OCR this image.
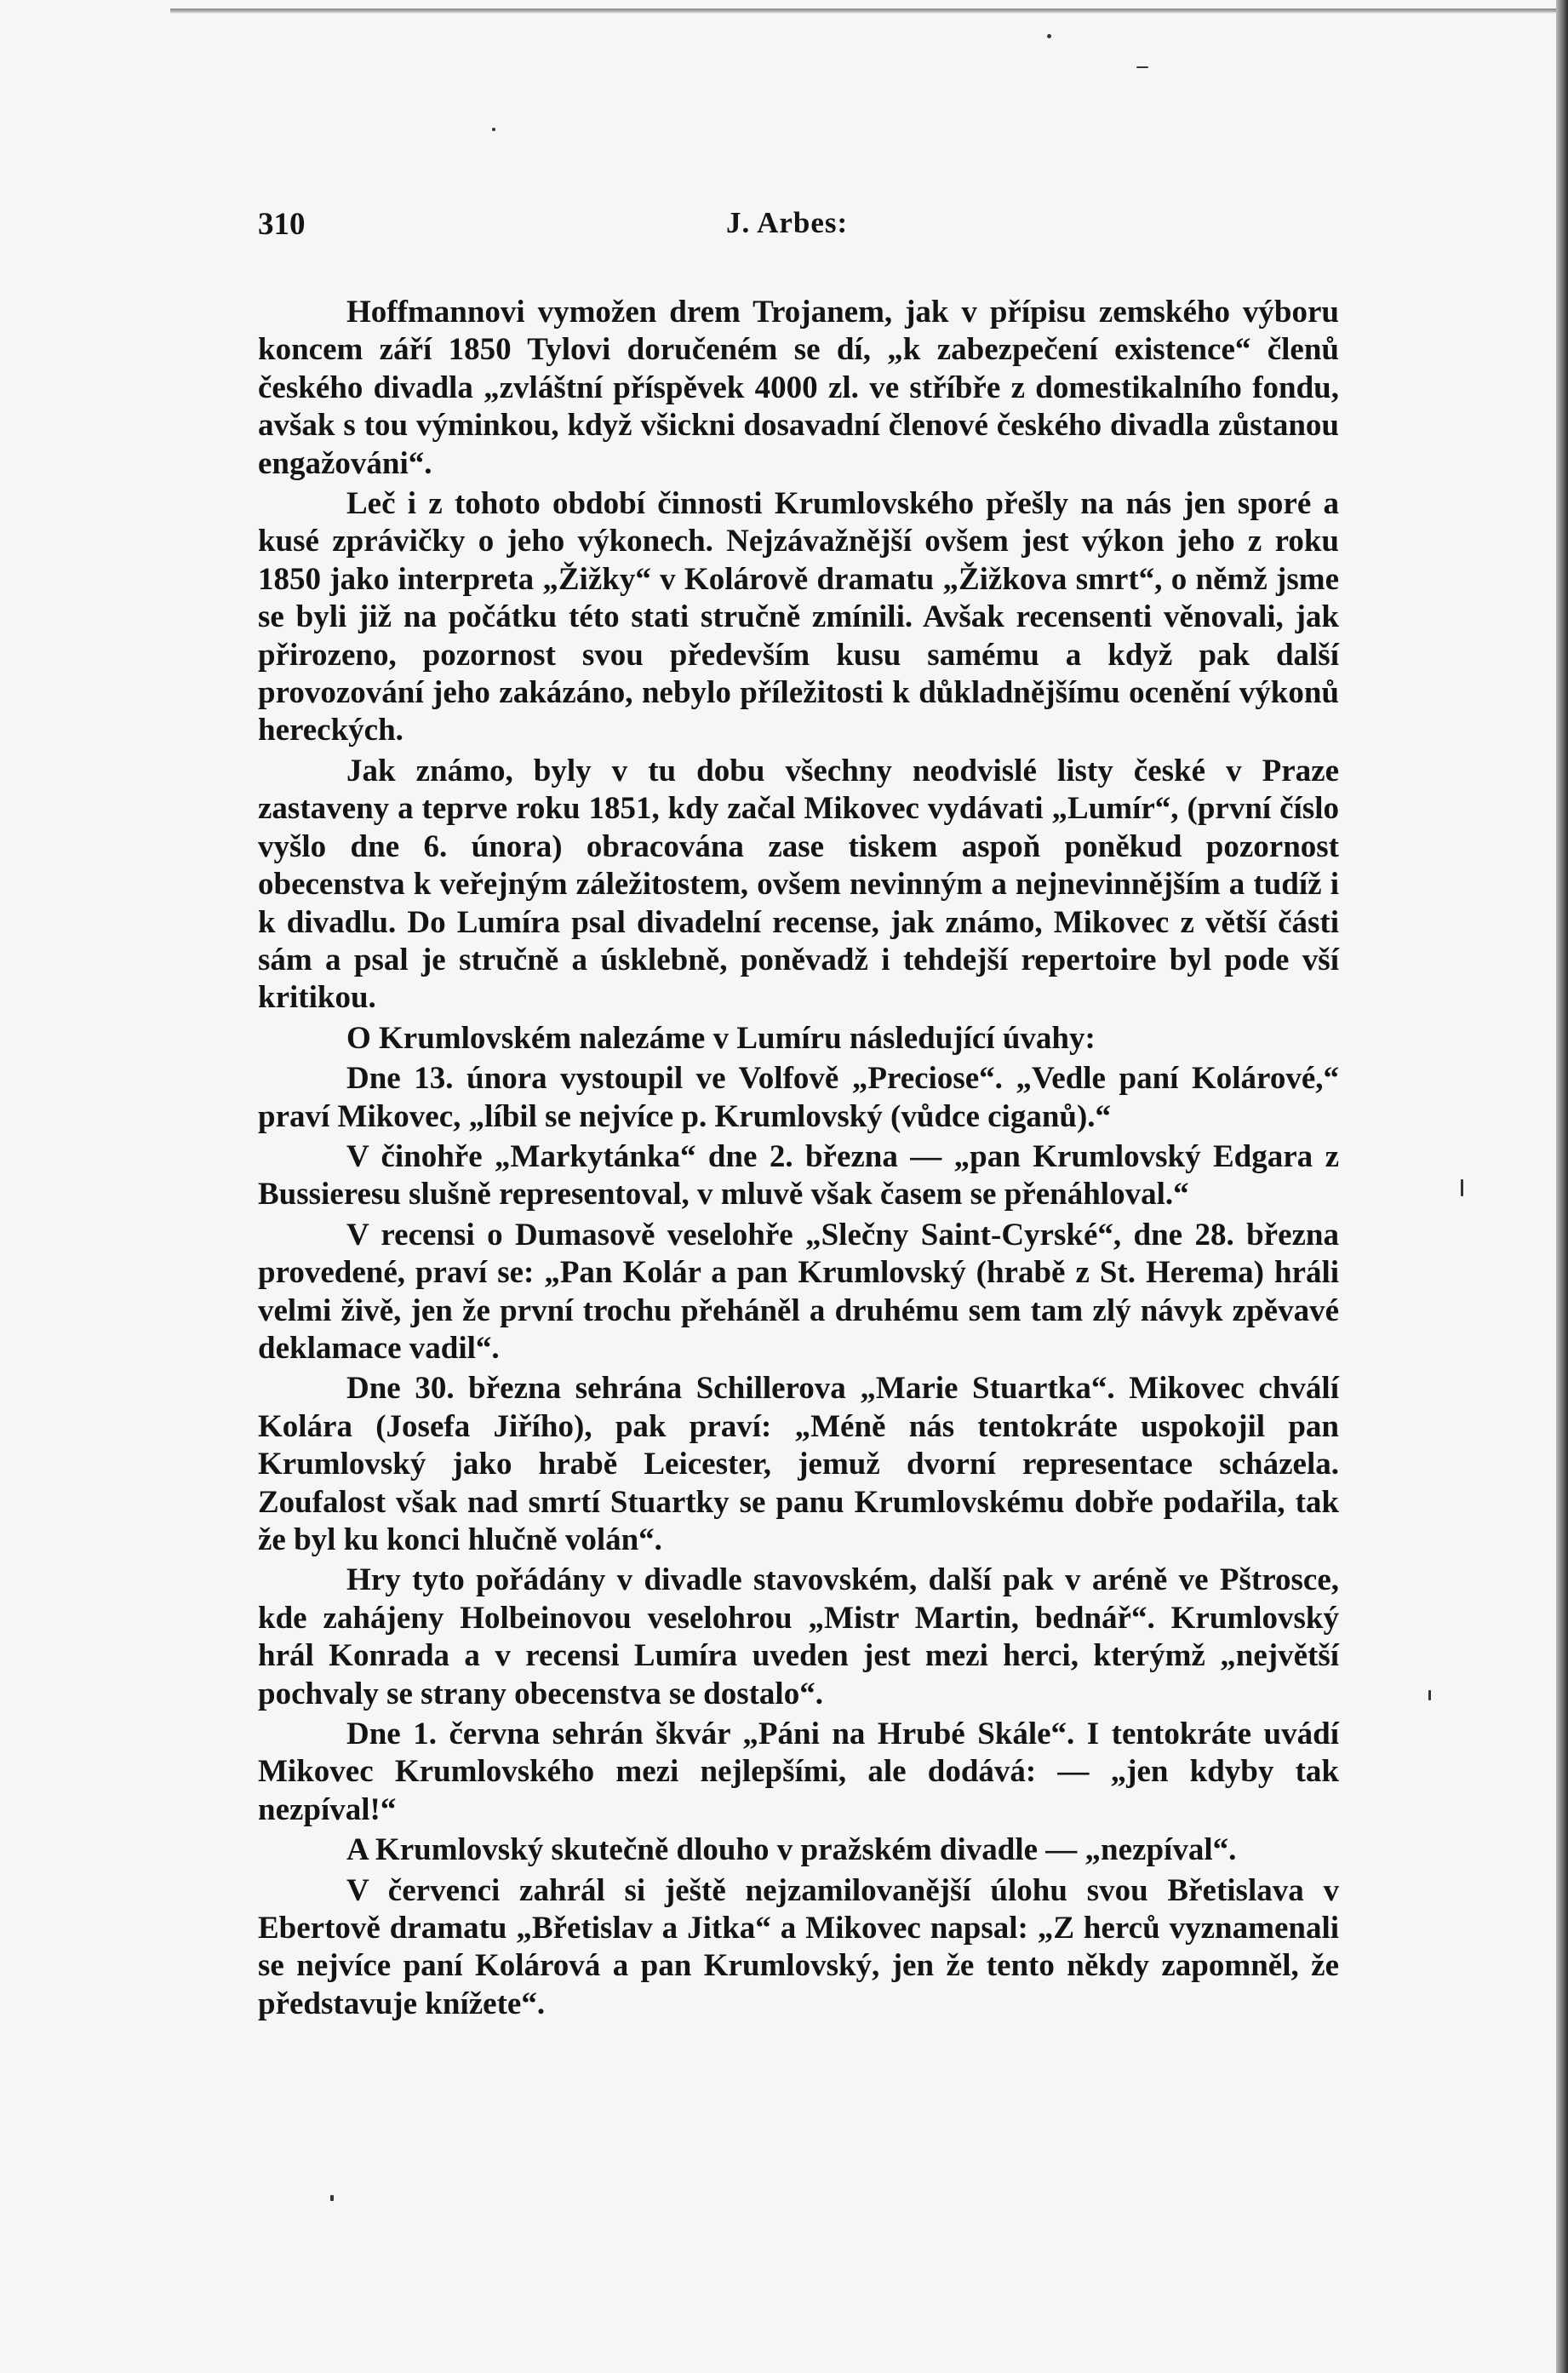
310	J. Arbes:

Hoffmannovi vymožen drem Trojanem, jak v přípisu zemského výboru koncem září 1850 Tylovi doručeném se dí, „k zabezpečení existence“ členů českého divadla „zvláštní příspěvek 4000 zl. ve stříbře z domestikalního fondu, avšak s tou výminkou, když všickni dosavadní členové českého divadla zůstanou engažováni“.

Leč i z tohoto období činnosti Krumlovského přešly na nás jen sporé a kusé zprávičky o jeho výkonech. Nejzávažnější ovšem jest výkon jeho z roku 1850 jako interpreta „Žižky“ v Kolárově dramatu „Žižkova smrt“, o němž jsme se byli již na počátku této stati stručně zmínili. Avšak recensenti věnovali, jak přirozeno, pozornost svou především kusu samému a když pak další provozování jeho zakázáno, nebylo příležitosti k důkladnějšímu ocenění výkonů hereckých.

Jak známo, byly v tu dobu všechny neodvislé listy české v Praze zastaveny a teprve roku 1851, kdy začal Mikovec vydávati „Lumír“, (první číslo vyšlo dne 6. února) obracována zase tiskem aspoň poněkud pozornost obecenstva k veřejným záležitostem, ovšem nevinným a nejnevinnějším a tudíž i k divadlu. Do Lumíra psal divadelní recense, jak známo, Mikovec z větší části sám a psal je stručně a úsklebně, poněvadž i tehdejší repertoire byl pode vší kritikou.

O Krumlovském nalezáme v Lumíru následující úvahy:

Dne 13. února vystoupil ve Volfově „Preciose“. „Vedle paní Kolárové,“ praví Mikovec, „líbil se nejvíce p. Krumlovský (vůdce ciganů).“

V činohře „Markytánka“ dne 2. března — „pan Krumlovský Edgara z Bussieresu slušně representoval, v mluvě však časem se přenáhloval.“

V recensi o Dumasově veselohře „Slečny Saint-Cyrské“, dne 28. března provedené, praví se: „Pan Kolár a pan Krumlovský (hrabě z St. Herema) hráli velmi živě, jen že první trochu přeháněl a druhému sem tam zlý návyk zpěvavé deklamace vadil“.

Dne 30. března sehrána Schillerova „Marie Stuartka“. Mikovec chválí Kolára (Josefa Jiřího), pak praví: „Méně nás tentokráte uspokojil pan Krumlovský jako hrabě Leicester, jemuž dvorní representace scházela. Zoufalost však nad smrtí Stuartky se panu Krumlovskému dobře podařila, tak že byl ku konci hlučně volán“.

Hry tyto pořádány v divadle stavovském, další pak v aréně ve Pštrosce, kde zahájeny Holbeinovou veselohrou „Mistr Martin, bednář“. Krumlovský hrál Konrada a v recensi Lumíra uveden jest mezi herci, kterýmž „největší pochvaly se strany obecenstva se dostalo“.

Dne 1. června sehrán škvár „Páni na Hrubé Skále“. I tentokráte uvádí Mikovec Krumlovského mezi nejlepšími, ale dodává: — „jen kdyby tak nezpíval!“

A Krumlovský skutečně dlouho v pražském divadle — „nezpíval“.

V červenci zahrál si ještě nejzamilovanější úlohu svou Břetislava v Ebertově dramatu „Břetislav a Jitka“ a Mikovec napsal: „Z herců vyznamenali se nejvíce paní Kolárová a pan Krumlovský, jen že tento někdy zapomněl, že představuje knížete“.
